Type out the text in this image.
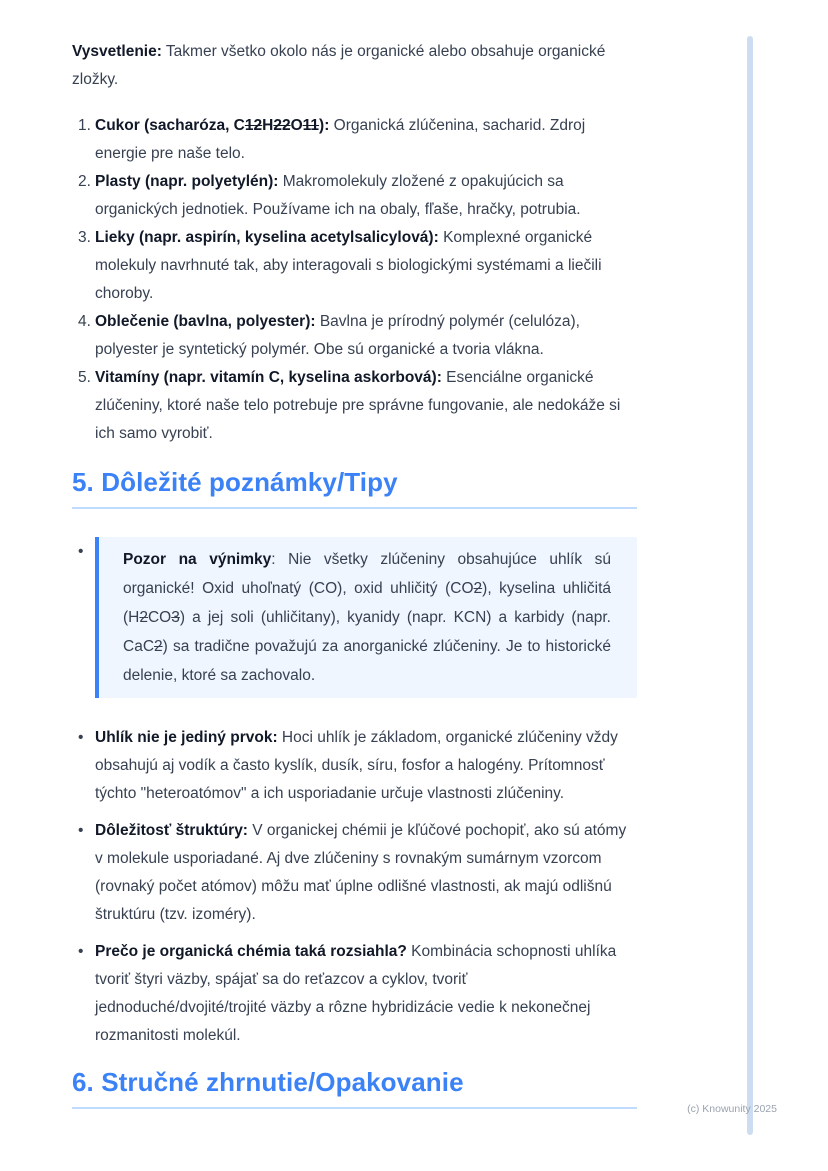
Vysvetlenie: Takmer všetko okolo nás je organické alebo obsahuje organické zložky.

1. Cukor (sacharóza, C12H22O11): Organická zlúčenina, sacharid. Zdroj energie pre naše telo.
2. Plasty (napr. polyetylén): Makromolekuly zložené z opakujúcich sa organických jednotiek. Používame ich na obaly, fľaše, hračky, potrubia.
3. Lieky (napr. aspirín, kyselina acetylsalicylová): Komplexné organické molekuly navrhnuté tak, aby interagovali s biologickými systémami a liečili choroby.
4. Oblečenie (bavlna, polyester): Bavlna je prírodný polymér (celulóza), polyester je syntetický polymér. Obe sú organické a tvoria vlákna.
5. Vitamíny (napr. vitamín C, kyselina askorbová): Esenciálne organické zlúčeniny, ktoré naše telo potrebuje pre správne fungovanie, ale nedokáže si ich samo vyrobiť.
5. Dôležité poznámky/Tipy
•	Pozor na výnimky: Nie všetky zlúčeniny obsahujúce uhlík sú organické! Oxid uhoľnatý (CO), oxid uhličitý (CO2), kyselina uhličitá (H2CO3) a jej soli (uhličitany), kyanidy (napr. KCN) a karbidy (napr. CaC2) sa tradične považujú za anorganické zlúčeniny. Je to historické delenie, ktoré sa zachovalo.

• Uhlík nie je jediný prvok: Hoci uhlík je základom, organické zlúčeniny vždy obsahujú aj vodík a často kyslík, dusík, síru, fosfor a halogény. Prítomnosť týchto "heteroatómov" a ich usporiadanie určuje vlastnosti zlúčeniny.
• Dôležitosť štruktúry: V organickej chémii je kľúčové pochopiť, ako sú atómy v molekule usporiadané. Aj dve zlúčeniny s rovnakým sumárnym vzorcom (rovnaký počet atómov) môžu mať úplne odlišné vlastnosti, ak majú odlišnú štruktúru (tzv. izoméry).
• Prečo je organická chémia taká rozsiahla? Kombinácia schopnosti uhlíka tvoriť štyri väzby, spájať sa do reťazcov a cyklov, tvoriť jednoduché/dvojité/trojité väzby a rôzne hybridizácie vedie k nekonečnej rozmanitosti molekúl.
6. Stručné zhrnutie/Opakovanie
(c) Knowunity 2025
